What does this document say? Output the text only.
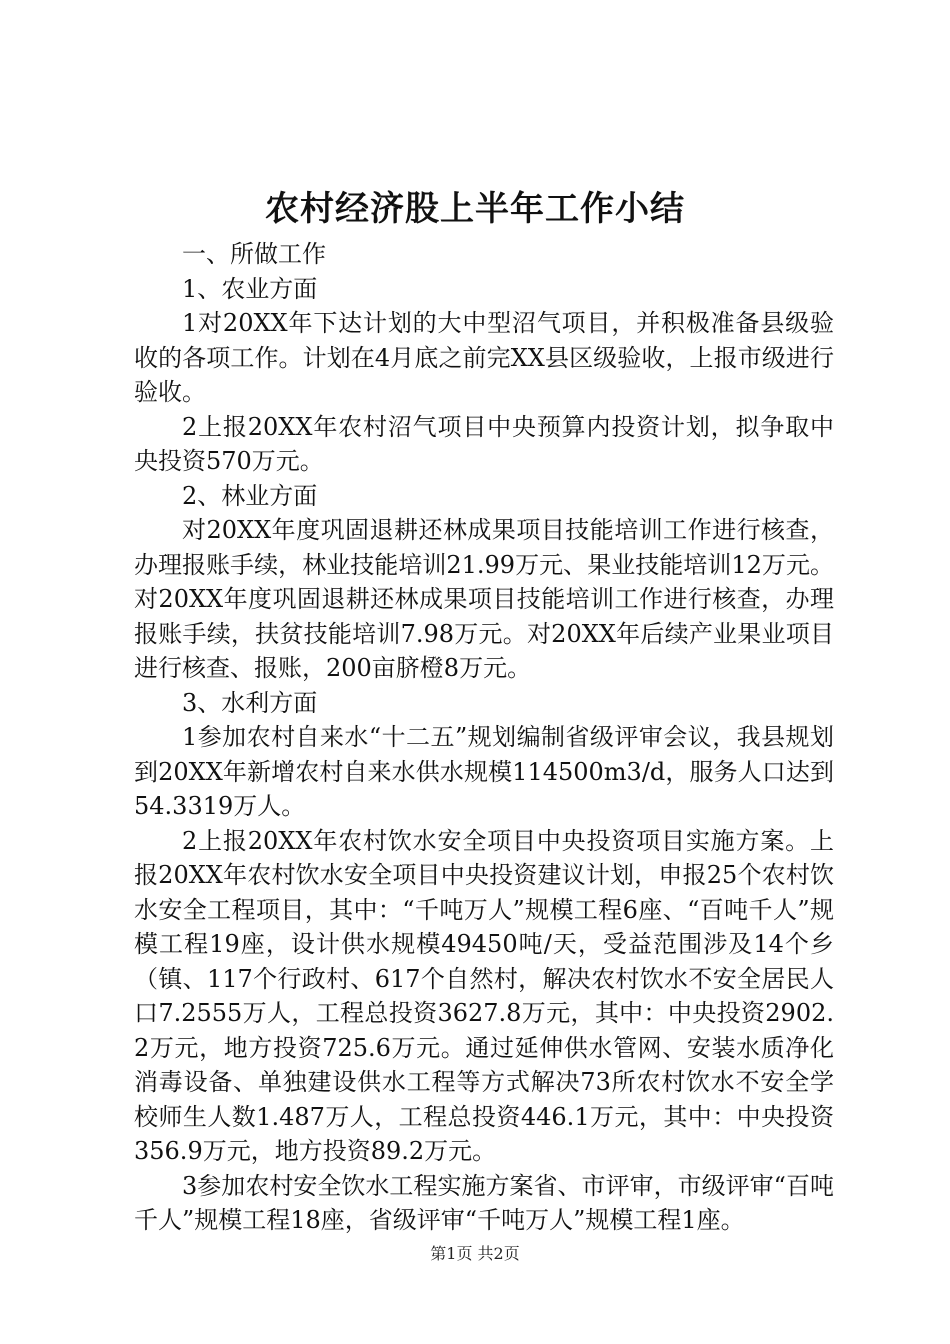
农村经济股上半年工作小结

一、所做工作

1、农业方面

1对20XX年下达计划的大中型沼气项目，并积极准备县级验收的各项工作。计划在4月底之前完XX县区级验收，上报市级进行验收。

2上报20XX年农村沼气项目中央预算内投资计划，拟争取中央投资570万元。

2、林业方面

对20XX年度巩固退耕还林成果项目技能培训工作进行核查，办理报账手续，林业技能培训21.99万元、果业技能培训12万元。对20XX年度巩固退耕还林成果项目技能培训工作进行核查，办理报账手续，扶贫技能培训7.98万元。对20XX年后续产业果业项目进行核查、报账，200亩脐橙8万元。

3、水利方面

1参加农村自来水“十二五”规划编制省级评审会议，我县规划到20XX年新增农村自来水供水规模114500m3/d，服务人口达到54.3319万人。

2上报20XX年农村饮水安全项目中央投资项目实施方案。上报20XX年农村饮水安全项目中央投资建议计划，申报25个农村饮水安全工程项目，其中：“千吨万人”规模工程6座、“百吨千人”规模工程19座，设计供水规模49450吨/天，受益范围涉及14个乡（镇、117个行政村、617个自然村，解决农村饮水不安全居民人口7.2555万人，工程总投资3627.8万元，其中：中央投资2902.2万元，地方投资725.6万元。通过延伸供水管网、安装水质净化消毒设备、单独建设供水工程等方式解决73所农村饮水不安全学校师生人数1.487万人，工程总投资446.1万元，其中：中央投资356.9万元，地方投资89.2万元。

3参加农村安全饮水工程实施方案省、市评审，市级评审“百吨千人”规模工程18座，省级评审“千吨万人”规模工程1座。

第1页 共2页
